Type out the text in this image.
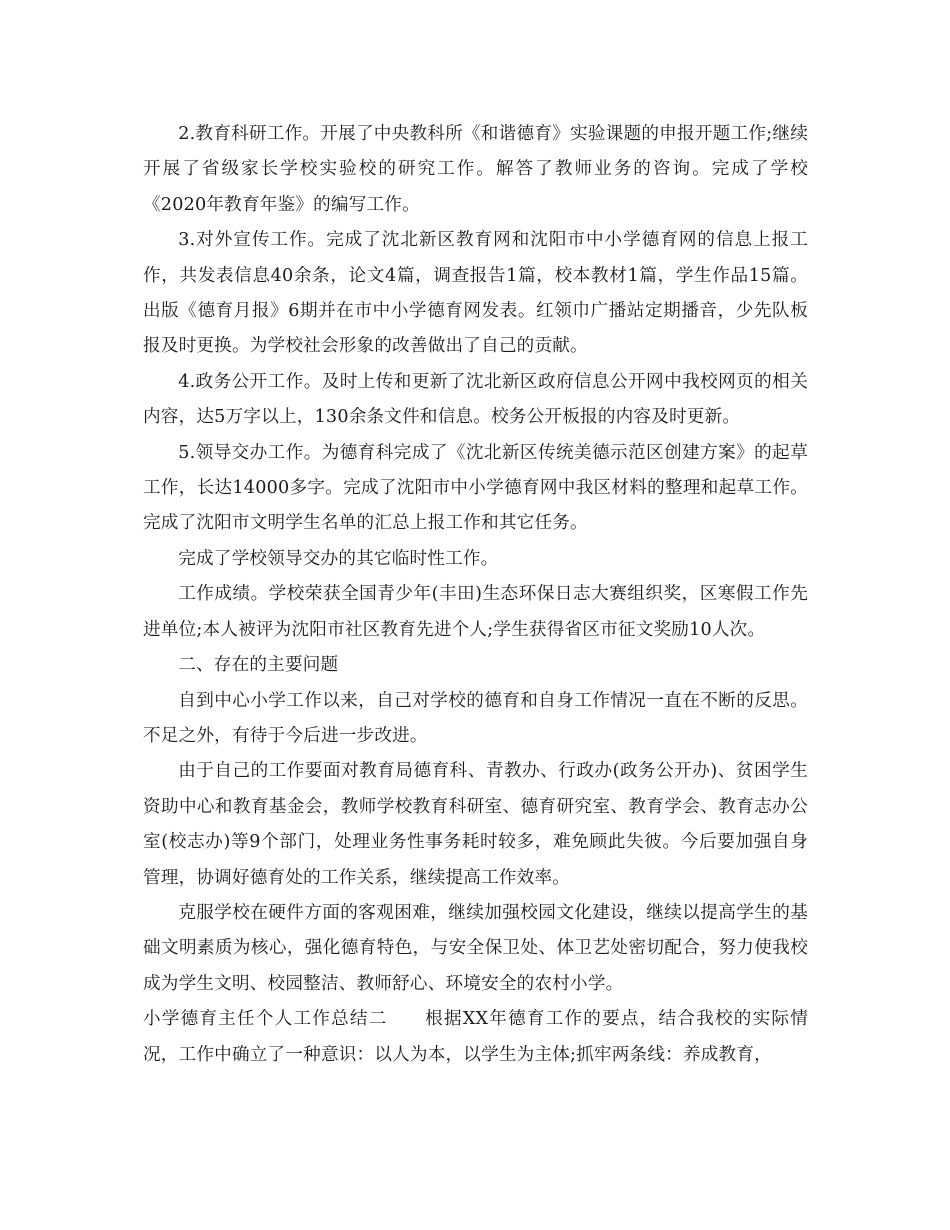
2.教育科研工作。开展了中央教科所《和谐德育》实验课题的申报开题工作;继续开展了省级家长学校实验校的研究工作。解答了教师业务的咨询。完成了学校《2020年教育年鉴》的编写工作。

3.对外宣传工作。完成了沈北新区教育网和沈阳市中小学德育网的信息上报工作，共发表信息40余条，论文4篇，调查报告1篇，校本教材1篇，学生作品15篇。出版《德育月报》6期并在市中小学德育网发表。红领巾广播站定期播音，少先队板报及时更换。为学校社会形象的改善做出了自己的贡献。

4.政务公开工作。及时上传和更新了沈北新区政府信息公开网中我校网页的相关内容，达5万字以上，130余条文件和信息。校务公开板报的内容及时更新。

5.领导交办工作。为德育科完成了《沈北新区传统美德示范区创建方案》的起草工作，长达14000多字。完成了沈阳市中小学德育网中我区材料的整理和起草工作。完成了沈阳市文明学生名单的汇总上报工作和其它任务。

完成了学校领导交办的其它临时性工作。

工作成绩。学校荣获全国青少年(丰田)生态环保日志大赛组织奖，区寒假工作先进单位;本人被评为沈阳市社区教育先进个人;学生获得省区市征文奖励10人次。

二、存在的主要问题

自到中心小学工作以来，自己对学校的德育和自身工作情况一直在不断的反思。不足之外，有待于今后进一步改进。

由于自己的工作要面对教育局德育科、青教办、行政办(政务公开办)、贫困学生资助中心和教育基金会，教师学校教育科研室、德育研究室、教育学会、教育志办公室(校志办)等9个部门，处理业务性事务耗时较多，难免顾此失彼。今后要加强自身管理，协调好德育处的工作关系，继续提高工作效率。

克服学校在硬件方面的客观困难，继续加强校园文化建设，继续以提高学生的基础文明素质为核心，强化德育特色，与安全保卫处、体卫艺处密切配合，努力使我校成为学生文明、校园整洁、教师舒心、环境安全的农村小学。

小学德育主任个人工作总结二　　根据XX年德育工作的要点，结合我校的实际情况，工作中确立了一种意识：以人为本，以学生为主体;抓牢两条线：养成教育，
